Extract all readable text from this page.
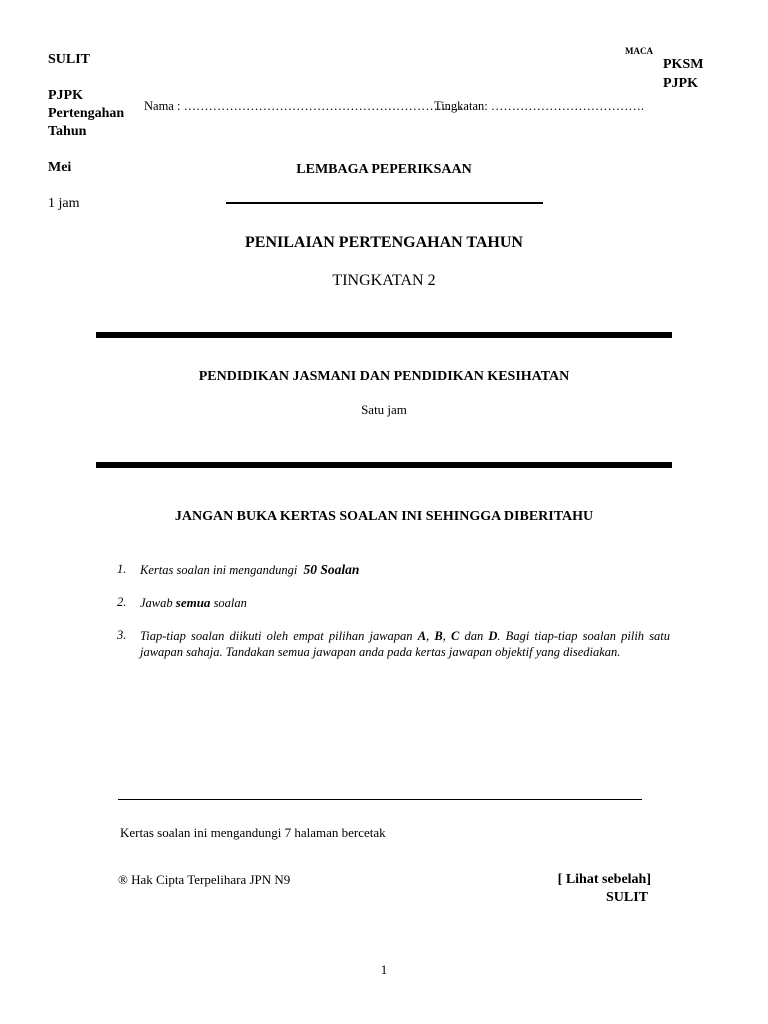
SULIT
PJPK
Pertengahan
Tahun
Mei
1 jam
MACA
PKSM
PJPK
Nama : ………………………………………………………….
Tingkatan: ……………………………….
LEMBAGA PEPERIKSAAN
PENILAIAN PERTENGAHAN TAHUN
TINGKATAN 2
PENDIDIKAN JASMANI DAN PENDIDIKAN KESIHATAN
Satu jam
JANGAN BUKA KERTAS SOALAN INI SEHINGGA DIBERITAHU
1.	Kertas soalan ini mengandungi 50 Soalan
2.	Jawab semua soalan
3.	Tiap-tiap soalan diikuti oleh empat pilihan jawapan A, B, C dan D. Bagi tiap-tiap soalan pilih satu jawapan sahaja. Tandakan semua jawapan anda pada kertas jawapan objektif yang disediakan.
Kertas soalan ini mengandungi 7 halaman bercetak
® Hak Cipta Terpelihara JPN N9	[ Lihat sebelah]
SULIT
1
